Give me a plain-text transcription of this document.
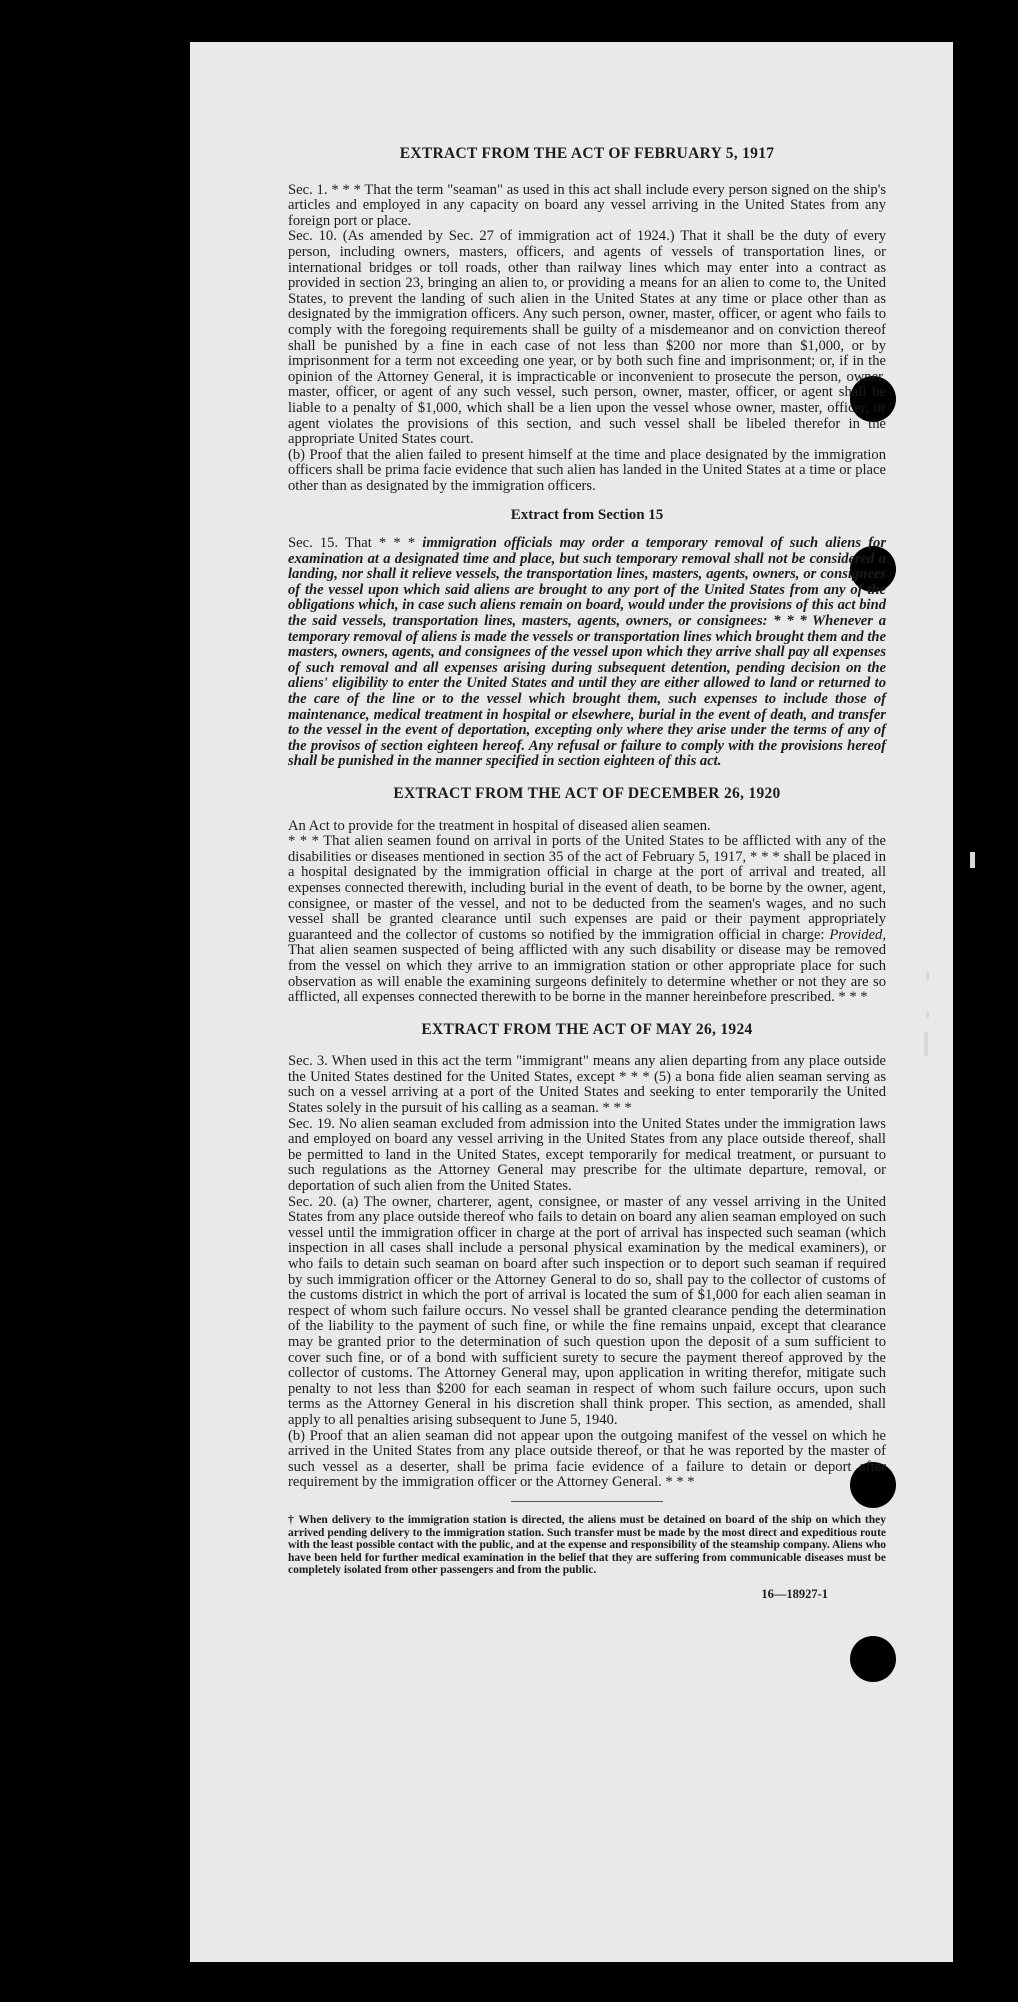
EXTRACT FROM THE ACT OF FEBRUARY 5, 1917

Sec. 1. * * * That the term "seaman" as used in this act shall include every person signed on the ship's articles and employed in any capacity on board any vessel arriving in the United States from any foreign port or place.

Sec. 10. (As amended by Sec. 27 of immigration act of 1924.) That it shall be the duty of every person, including owners, masters, officers, and agents of vessels of transportation lines, or international bridges or toll roads, other than railway lines which may enter into a contract as provided in section 23, bringing an alien to, or providing a means for an alien to come to, the United States, to prevent the landing of such alien in the United States at any time or place other than as designated by the immigration officers. Any such person, owner, master, officer, or agent who fails to comply with the foregoing requirements shall be guilty of a misdemeanor and on conviction thereof shall be punished by a fine in each case of not less than $200 nor more than $1,000, or by imprisonment for a term not exceeding one year, or by both such fine and imprisonment; or, if in the opinion of the Attorney General, it is impracticable or inconvenient to prosecute the person, owner, master, officer, or agent of any such vessel, such person, owner, master, officer, or agent shall be liable to a penalty of $1,000, which shall be a lien upon the vessel whose owner, master, officer, or agent violates the provisions of this section, and such vessel shall be libeled therefor in the appropriate United States court.

(b) Proof that the alien failed to present himself at the time and place designated by the immigration officers shall be prima facie evidence that such alien has landed in the United States at a time or place other than as designated by the immigration officers.

Extract from Section 15

Sec. 15. That * * * immigration officials may order a temporary removal of such aliens for examination at a designated time and place, but such temporary removal shall not be considered a landing, nor shall it relieve vessels, the transportation lines, masters, agents, owners, or consignees of the vessel upon which said aliens are brought to any port of the United States from any of the obligations which, in case such aliens remain on board, would under the provisions of this act bind the said vessels, transportation lines, masters, agents, owners, or consignees: * * * Whenever a temporary removal of aliens is made the vessels or transportation lines which brought them and the masters, owners, agents, and consignees of the vessel upon which they arrive shall pay all expenses of such removal and all expenses arising during subsequent detention, pending decision on the aliens' eligibility to enter the United States and until they are either allowed to land or returned to the care of the line or to the vessel which brought them, such expenses to include those of maintenance, medical treatment in hospital or elsewhere, burial in the event of death, and transfer to the vessel in the event of deportation, excepting only where they arise under the terms of any of the provisos of section eighteen hereof. Any refusal or failure to comply with the provisions hereof shall be punished in the manner specified in section eighteen of this act.

EXTRACT FROM THE ACT OF DECEMBER 26, 1920

An Act to provide for the treatment in hospital of diseased alien seamen.

* * * That alien seamen found on arrival in ports of the United States to be afflicted with any of the disabilities or diseases mentioned in section 35 of the act of February 5, 1917, * * * shall be placed in a hospital designated by the immigration official in charge at the port of arrival and treated, all expenses connected therewith, including burial in the event of death, to be borne by the owner, agent, consignee, or master of the vessel, and not to be deducted from the seamen's wages, and no such vessel shall be granted clearance until such expenses are paid or their payment appropriately guaranteed and the collector of customs so notified by the immigration official in charge: Provided, That alien seamen suspected of being afflicted with any such disability or disease may be removed from the vessel on which they arrive to an immigration station or other appropriate place for such observation as will enable the examining surgeons definitely to determine whether or not they are so afflicted, all expenses connected therewith to be borne in the manner hereinbefore prescribed. * * *

EXTRACT FROM THE ACT OF MAY 26, 1924

Sec. 3. When used in this act the term "immigrant" means any alien departing from any place outside the United States destined for the United States, except * * * (5) a bona fide alien seaman serving as such on a vessel arriving at a port of the United States and seeking to enter temporarily the United States solely in the pursuit of his calling as a seaman. * * *

Sec. 19. No alien seaman excluded from admission into the United States under the immigration laws and employed on board any vessel arriving in the United States from any place outside thereof, shall be permitted to land in the United States, except temporarily for medical treatment, or pursuant to such regulations as the Attorney General may prescribe for the ultimate departure, removal, or deportation of such alien from the United States.

Sec. 20. (a) The owner, charterer, agent, consignee, or master of any vessel arriving in the United States from any place outside thereof who fails to detain on board any alien seaman employed on such vessel until the immigration officer in charge at the port of arrival has inspected such seaman (which inspection in all cases shall include a personal physical examination by the medical examiners), or who fails to detain such seaman on board after such inspection or to deport such seaman if required by such immigration officer or the Attorney General to do so, shall pay to the collector of customs of the customs district in which the port of arrival is located the sum of $1,000 for each alien seaman in respect of whom such failure occurs. No vessel shall be granted clearance pending the determination of the liability to the payment of such fine, or while the fine remains unpaid, except that clearance may be granted prior to the determination of such question upon the deposit of a sum sufficient to cover such fine, or of a bond with sufficient surety to secure the payment thereof approved by the collector of customs. The Attorney General may, upon application in writing therefor, mitigate such penalty to not less than $200 for each seaman in respect of whom such failure occurs, upon such terms as the Attorney General in his discretion shall think proper. This section, as amended, shall apply to all penalties arising subsequent to June 5, 1940.

(b) Proof that an alien seaman did not appear upon the outgoing manifest of the vessel on which he arrived in the United States from any place outside thereof, or that he was reported by the master of such vessel as a deserter, shall be prima facie evidence of a failure to detain or deport after requirement by the immigration officer or the Attorney General. * * *

† When delivery to the immigration station is directed, the aliens must be detained on board of the ship on which they arrived pending delivery to the immigration station. Such transfer must be made by the most direct and expeditious route with the least possible contact with the public, and at the expense and responsibility of the steamship company. Aliens who have been held for further medical examination in the belief that they are suffering from communicable diseases must be completely isolated from other passengers and from the public.

16—18927-1
